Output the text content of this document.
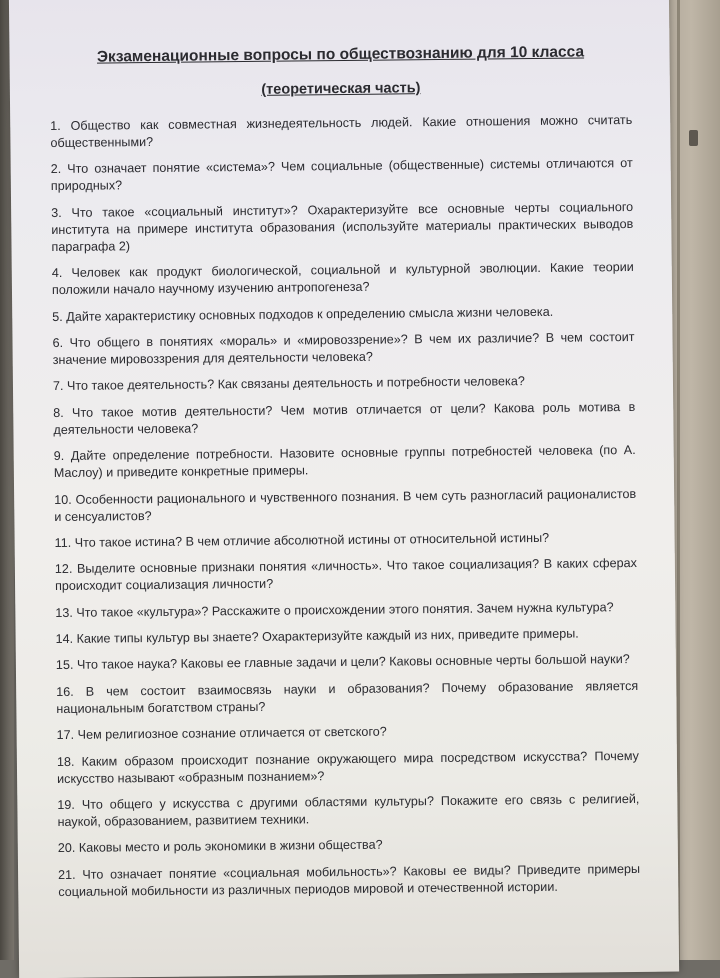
Экзаменационные вопросы по обществознанию для 10 класса
(теоретическая часть)
1. Общество как совместная жизнедеятельность людей. Какие отношения можно считать общественными?
2. Что означает понятие «система»? Чем социальные (общественные) системы отличаются от природных?
3. Что такое «социальный институт»? Охарактеризуйте все основные черты социального института на примере института образования (используйте материалы практических выводов параграфа 2)
4. Человек как продукт биологической, социальной и культурной эволюции. Какие теории положили начало научному изучению антропогенеза?
5. Дайте характеристику основных подходов к определению смысла жизни человека.
6. Что общего в понятиях «мораль» и «мировоззрение»? В чем их различие? В чем состоит значение мировоззрения для деятельности человека?
7. Что такое деятельность? Как связаны деятельность и потребности человека?
8. Что такое мотив деятельности? Чем мотив отличается от цели? Какова роль мотива в деятельности человека?
9. Дайте определение потребности. Назовите основные группы потребностей человека (по А. Маслоу) и приведите конкретные примеры.
10. Особенности рационального и чувственного познания. В чем суть разногласий рационалистов и сенсуалистов?
11. Что такое истина? В чем отличие абсолютной истины от относительной истины?
12. Выделите основные признаки понятия «личность». Что такое социализация? В каких сферах происходит социализация личности?
13. Что такое «культура»? Расскажите о происхождении этого понятия. Зачем нужна культура?
14. Какие типы культур вы знаете? Охарактеризуйте каждый из них, приведите примеры.
15. Что такое наука? Каковы ее главные задачи и цели? Каковы основные черты большой науки?
16. В чем состоит взаимосвязь науки и образования? Почему образование является национальным богатством страны?
17. Чем религиозное сознание отличается от светского?
18. Каким образом происходит познание окружающего мира посредством искусства? Почему искусство называют «образным познанием»?
19. Что общего у искусства с другими областями культуры? Покажите его связь с религией, наукой, образованием, развитием техники.
20. Каковы место и роль экономики в жизни общества?
21. Что означает понятие «социальная мобильность»? Каковы ее виды? Приведите примеры социальной мобильности из различных периодов мировой и отечественной истории.
